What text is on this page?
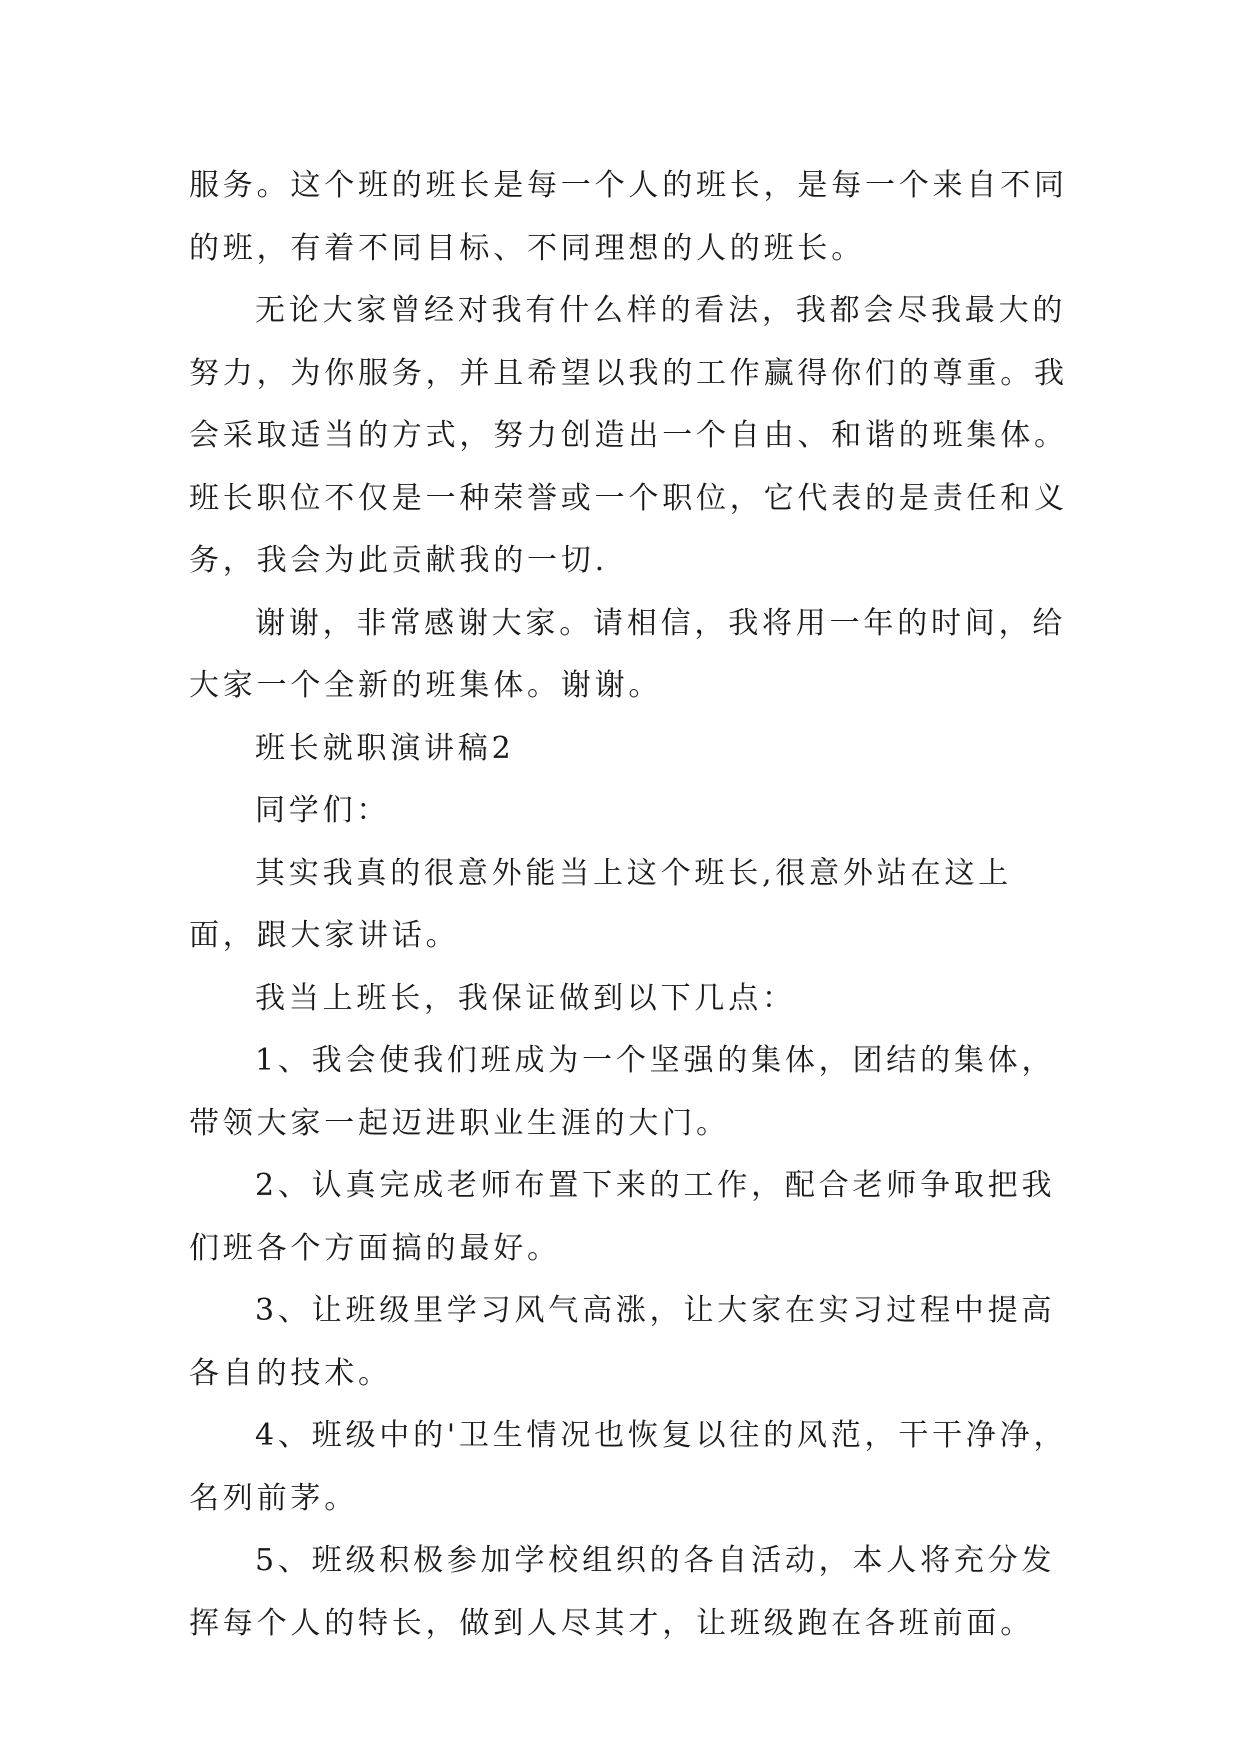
服务。这个班的班长是每一个人的班长，是每一个来自不同的班，有着不同目标、不同理想的人的班长。

无论大家曾经对我有什么样的看法，我都会尽我最大的努力，为你服务，并且希望以我的工作赢得你们的尊重。我会采取适当的方式，努力创造出一个自由、和谐的班集体。班长职位不仅是一种荣誉或一个职位，它代表的是责任和义务，我会为此贡献我的一切.

谢谢，非常感谢大家。请相信，我将用一年的时间，给大家一个全新的班集体。谢谢。

班长就职演讲稿2

同学们：

其实我真的很意外能当上这个班长,很意外站在这上面，跟大家讲话。

我当上班长，我保证做到以下几点：

1、我会使我们班成为一个坚强的集体，团结的集体，带领大家一起迈进职业生涯的大门。

2、认真完成老师布置下来的工作，配合老师争取把我们班各个方面搞的最好。

3、让班级里学习风气高涨，让大家在实习过程中提高各自的技术。

4、班级中的'卫生情况也恢复以往的风范，干干净净，名列前茅。

5、班级积极参加学校组织的各自活动，本人将充分发挥每个人的特长，做到人尽其才，让班级跑在各班前面。
